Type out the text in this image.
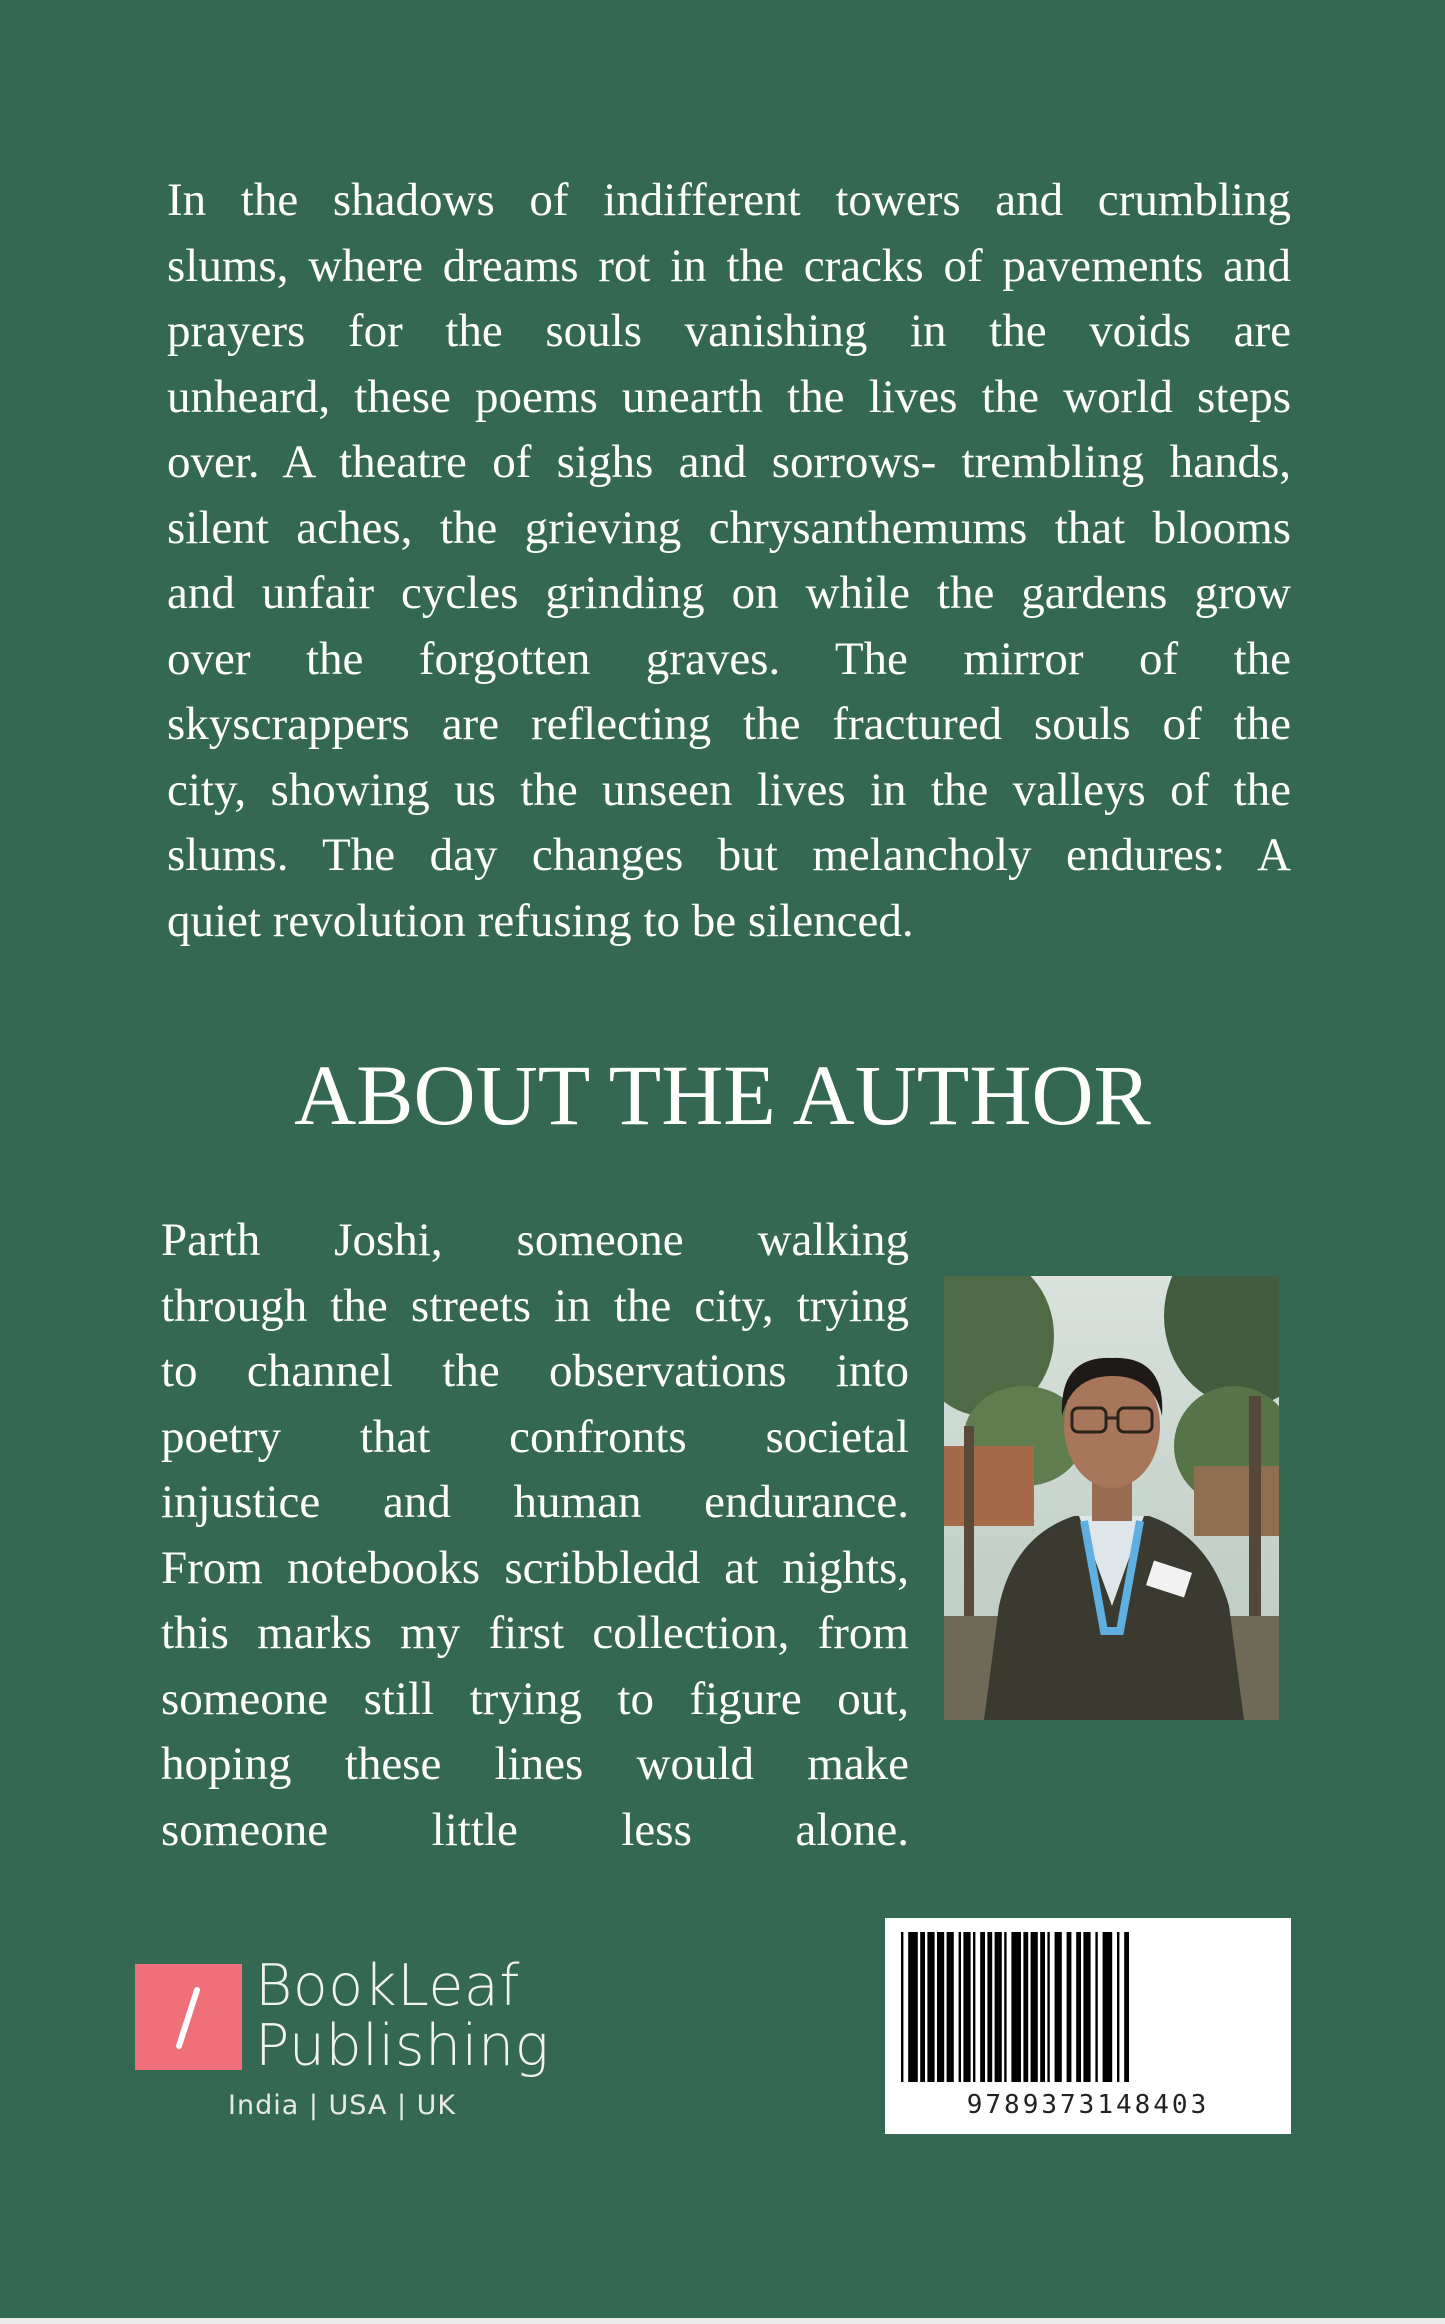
In the shadows of indifferent towers and crumbling
slums, where dreams rot in the cracks of pavements and
prayers for the souls vanishing in the voids are
unheard, these poems unearth the lives the world steps
over. A theatre of sighs and sorrows- trembling hands,
silent aches, the grieving chrysanthemums that blooms
and unfair cycles grinding on while the gardens grow
over the forgotten graves. The mirror of the
skyscrappers are reflecting the fractured souls of the
city, showing us the unseen lives in the valleys of the
slums. The day changes but melancholy endures: A
quiet revolution refusing to be silenced.
ABOUT THE AUTHOR
Parth Joshi, someone walking
through the streets in the city, trying
to channel the observations into
poetry that confronts societal
injustice and human endurance.
From notebooks scribbledd at nights,
this marks my first collection, from
someone still trying to figure out,
hoping these lines would make
someone little less alone.
BookLeaf
Publishing
India | USA | UK	9789373148403
